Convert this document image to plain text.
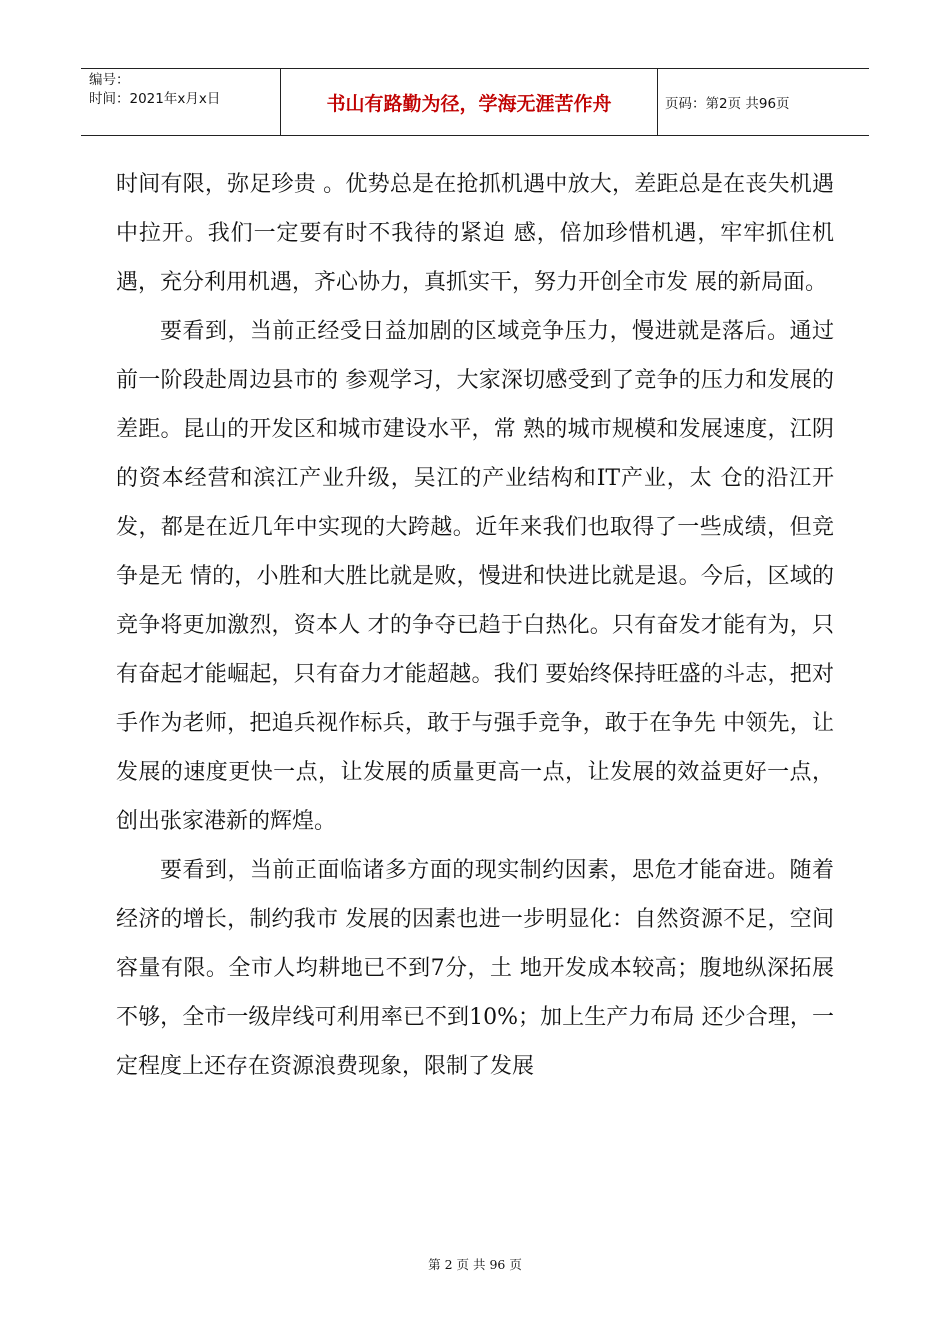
编号：
时间：2021年x月x日	书山有路勤为径，学海无涯苦作舟	页码：第2页 共96页

时间有限，弥足珍贵 。优势总是在抢抓机遇中放大，差距总是在丧失机遇中拉开。我们一定要有时不我待的紧迫 感，倍加珍惜机遇，牢牢抓住机遇，充分利用机遇，齐心协力，真抓实干，努力开创全市发 展的新局面。

要看到，当前正经受日益加剧的区域竞争压力，慢进就是落后。通过前一阶段赴周边县市的 参观学习，大家深切感受到了竞争的压力和发展的差距。昆山的开发区和城市建设水平，常 熟的城市规模和发展速度，江阴的资本经营和滨江产业升级，吴江的产业结构和IT产业，太 仓的沿江开发，都是在近几年中实现的大跨越。近年来我们也取得了一些成绩，但竞争是无 情的，小胜和大胜比就是败，慢进和快进比就是退。今后，区域的竞争将更加激烈，资本人 才的争夺已趋于白热化。只有奋发才能有为，只有奋起才能崛起，只有奋力才能超越。我们 要始终保持旺盛的斗志，把对手作为老师，把追兵视作标兵，敢于与强手竞争，敢于在争先 中领先，让发展的速度更快一点，让发展的质量更高一点，让发展的效益更好一点，创出张家港新的辉煌。

要看到，当前正面临诸多方面的现实制约因素，思危才能奋进。随着经济的增长，制约我市 发展的因素也进一步明显化：自然资源不足，空间容量有限。全市人均耕地已不到7分，土 地开发成本较高；腹地纵深拓展不够，全市一级岸线可利用率已不到10%；加上生产力布局 还少合理，一定程度上还存在资源浪费现象，限制了发展

第 2 页 共 96 页
